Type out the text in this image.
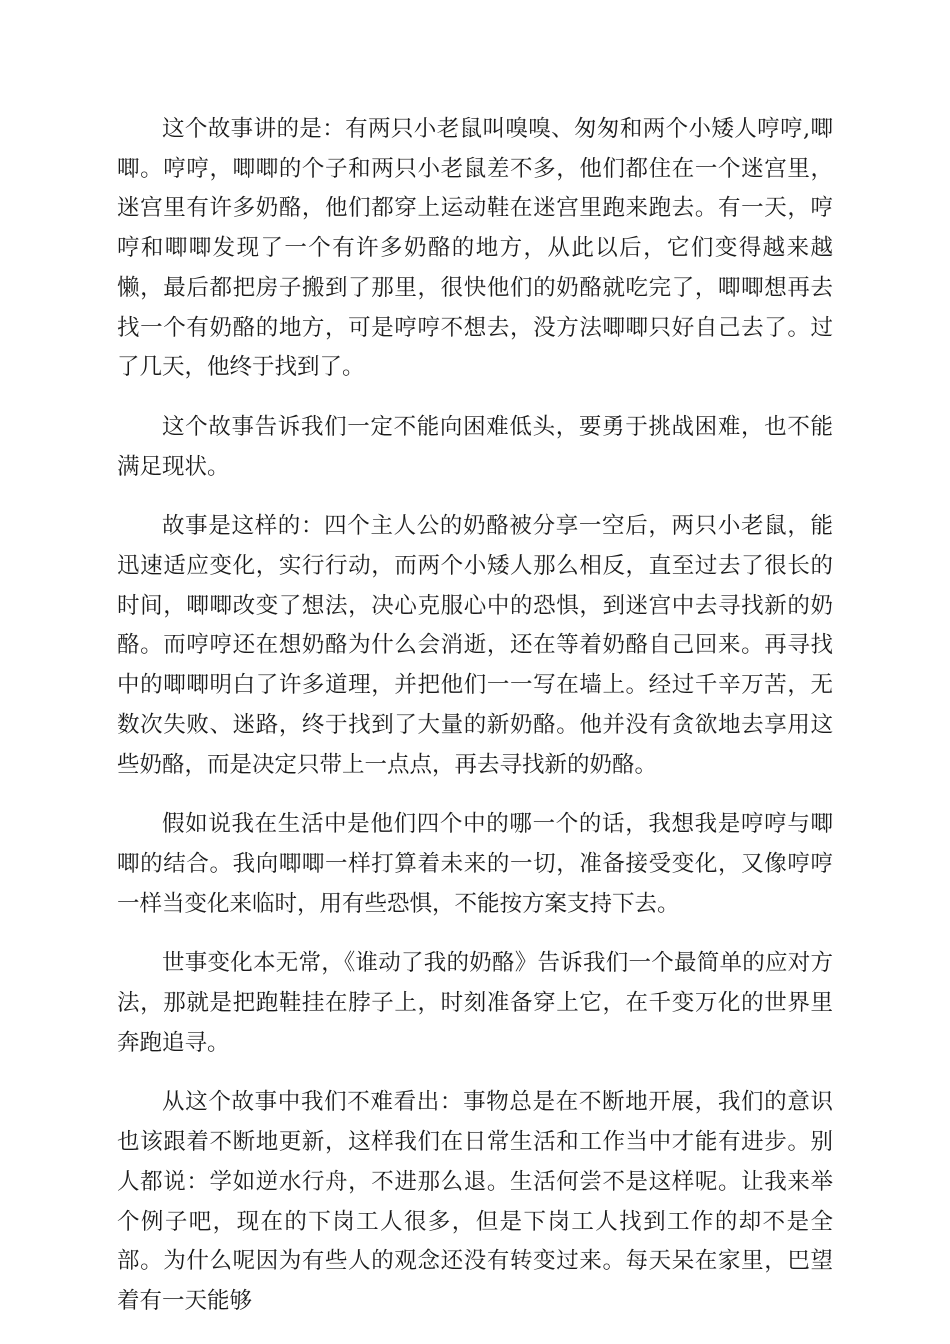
这个故事讲的是：有两只小老鼠叫嗅嗅、匆匆和两个小矮人哼哼,唧唧。哼哼，唧唧的个子和两只小老鼠差不多，他们都住在一个迷宫里，迷宫里有许多奶酪，他们都穿上运动鞋在迷宫里跑来跑去。有一天，哼哼和唧唧发现了一个有许多奶酪的地方，从此以后，它们变得越来越懒，最后都把房子搬到了那里，很快他们的奶酪就吃完了，唧唧想再去找一个有奶酪的地方，可是哼哼不想去，没方法唧唧只好自己去了。过了几天，他终于找到了。

这个故事告诉我们一定不能向困难低头，要勇于挑战困难，也不能满足现状。

故事是这样的：四个主人公的奶酪被分享一空后，两只小老鼠，能迅速适应变化，实行行动，而两个小矮人那么相反，直至过去了很长的时间，唧唧改变了想法，决心克服心中的恐惧，到迷宫中去寻找新的奶酪。而哼哼还在想奶酪为什么会消逝，还在等着奶酪自己回来。再寻找中的唧唧明白了许多道理，并把他们一一写在墙上。经过千辛万苦，无数次失败、迷路，终于找到了大量的新奶酪。他并没有贪欲地去享用这些奶酪，而是决定只带上一点点，再去寻找新的奶酪。

假如说我在生活中是他们四个中的哪一个的话，我想我是哼哼与唧唧的结合。我向唧唧一样打算着未来的一切，准备接受变化，又像哼哼一样当变化来临时，用有些恐惧，不能按方案支持下去。

世事变化本无常，《谁动了我的奶酪》告诉我们一个最简单的应对方法，那就是把跑鞋挂在脖子上，时刻准备穿上它，在千变万化的世界里奔跑追寻。

从这个故事中我们不难看出：事物总是在不断地开展，我们的意识也该跟着不断地更新，这样我们在日常生活和工作当中才能有进步。别人都说：学如逆水行舟，不进那么退。生活何尝不是这样呢。让我来举个例子吧，现在的下岗工人很多，但是下岗工人找到工作的却不是全部。为什么呢因为有些人的观念还没有转变过来。每天呆在家里，巴望着有一天能够
